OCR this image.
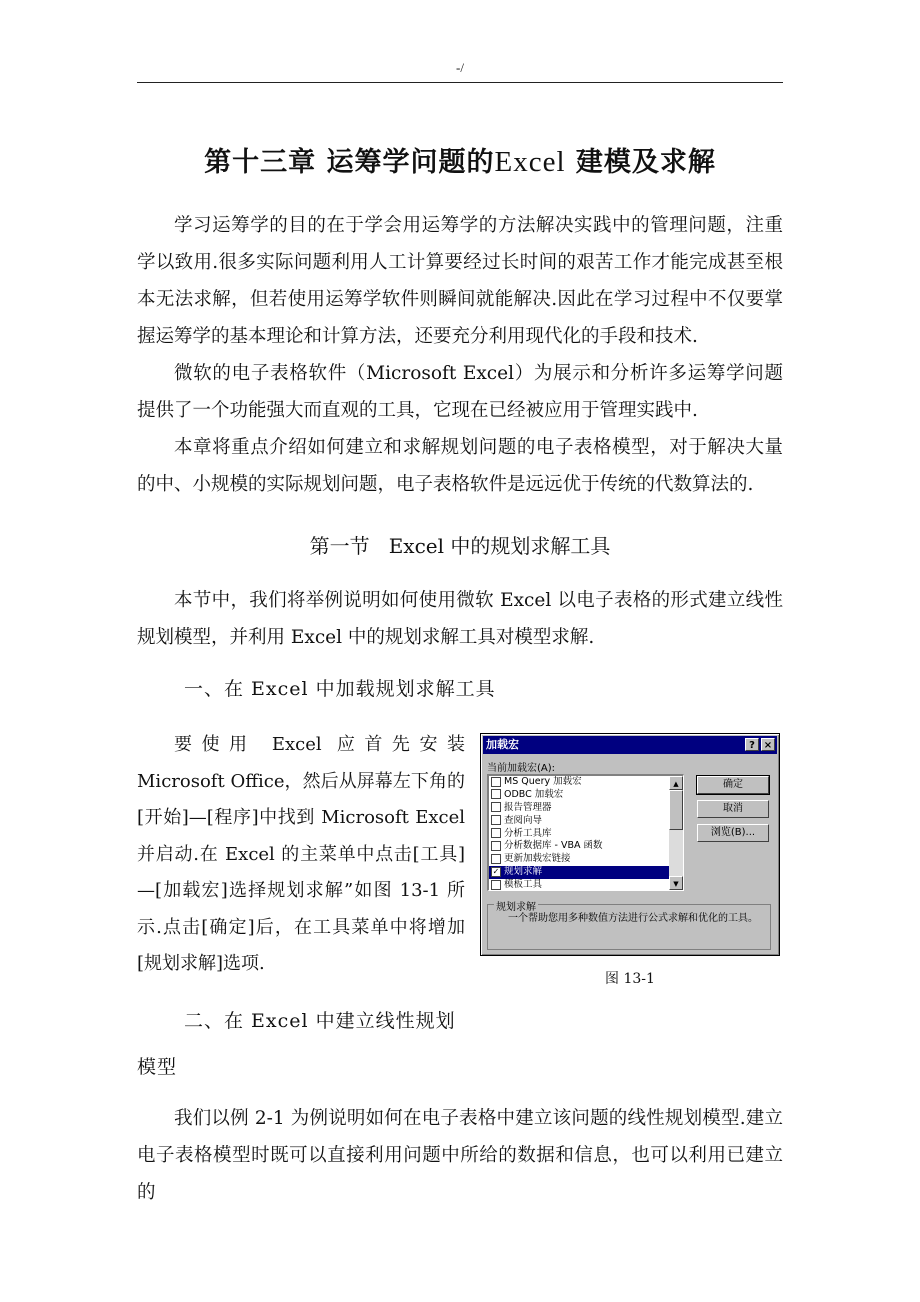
-/
第十三章 运筹学问题的Excel 建模及求解

学习运筹学的目的在于学会用运筹学的方法解决实践中的管理问题，注重学以致用.很多实际问题利用人工计算要经过长时间的艰苦工作才能完成甚至根本无法求解，但若使用运筹学软件则瞬间就能解决.因此在学习过程中不仅要掌握运筹学的基本理论和计算方法，还要充分利用现代化的手段和技术.

微软的电子表格软件（Microsoft Excel）为展示和分析许多运筹学问题提供了一个功能强大而直观的工具，它现在已经被应用于管理实践中.

本章将重点介绍如何建立和求解规划问题的电子表格模型，对于解决大量的中、小规模的实际规划问题，电子表格软件是远远优于传统的代数算法的.

第一节   Excel 中的规划求解工具

本节中，我们将举例说明如何使用微软 Excel 以电子表格的形式建立线性规划模型，并利用 Excel 中的规划求解工具对模型求解.

一、在 Excel 中加载规划求解工具

要使用 Excel 应首先安装 Microsoft Office，然后从屏幕左下角的[开始]—[程序]中找到 Microsoft Excel 并启动.在 Excel 的主菜单中点击[工具]—[加载宏]选择规划求解”如图 13-1 所示.点击[确定]后，在工具菜单中将增加[规划求解]选项.

加载宏	? ×
当前加载宏(A):
MS Query 加载宏
ODBC 加载宏
报告管理器
查阅向导
分析工具库
分析数据库 - VBA 函数
更新加载宏链接
✓ 规划求解
模板工具
▲
▼
确定
取消
浏览(B)...
规划求解
一个帮助您用多种数值方法进行公式求解和优化的工具。
图 13-1
二、在 Excel 中建立线性规划
模型

我们以例 2-1 为例说明如何在电子表格中建立该问题的线性规划模型.建立电子表格模型时既可以直接利用问题中所给的数据和信息，也可以利用已建立的
